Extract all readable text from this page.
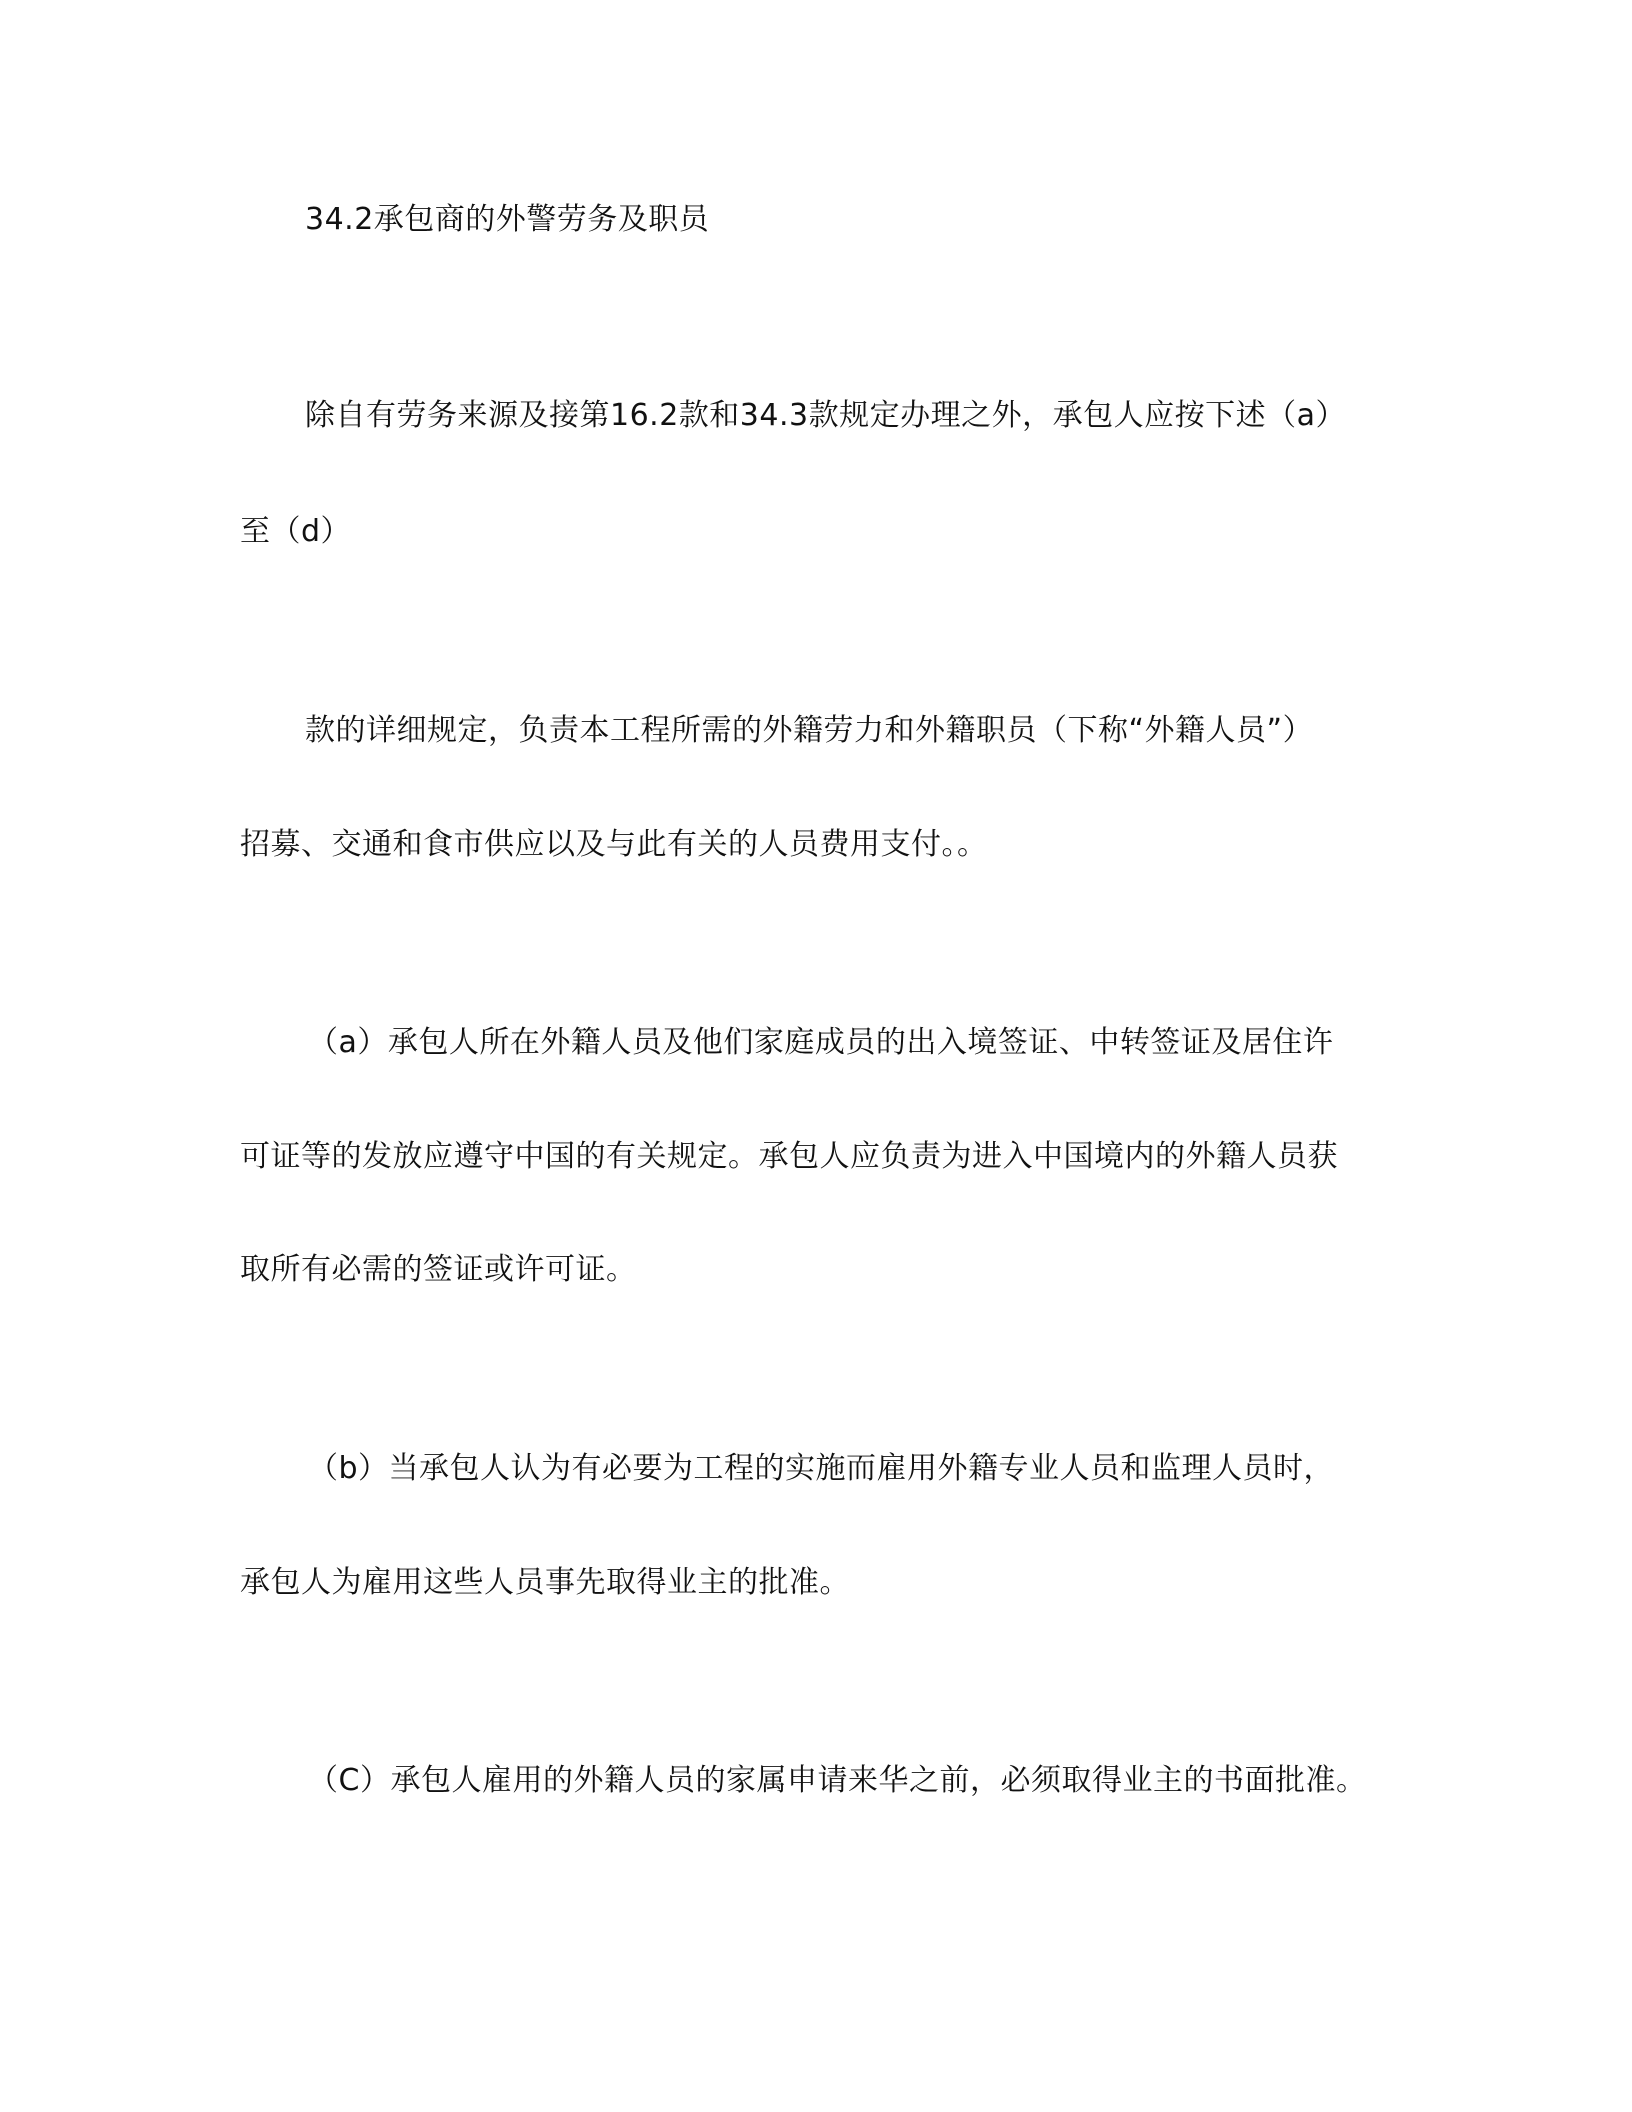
34.2承包商的外警劳务及职员
除自有劳务来源及接第16.2款和34.3款规定办理之外，承包人应按下述（a）
至（d）
款的详细规定，负责本工程所需的外籍劳力和外籍职员（下称“外籍人员”）
招募、交通和食市供应以及与此有关的人员费用支付。。
（a）承包人所在外籍人员及他们家庭成员的出入境签证、中转签证及居住许
可证等的发放应遵守中国的有关规定。承包人应负责为进入中国境内的外籍人员获
取所有必需的签证或许可证。
（b）当承包人认为有必要为工程的实施而雇用外籍专业人员和监理人员时，
承包人为雇用这些人员事先取得业主的批准。
（C）承包人雇用的外籍人员的家属申请来华之前，必须取得业主的书面批准。
